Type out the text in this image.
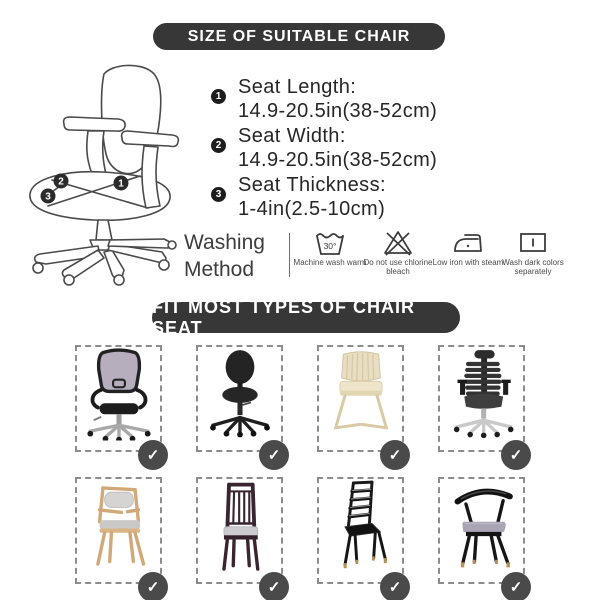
SIZE OF SUITABLE CHAIR
1
2
3
1 Seat Length:
14.9-20.5in(38-52cm)
2 Seat Width:
14.9-20.5in(38-52cm)
3 Seat Thickness:
1-4in(2.5-10cm)
Washing Method
30°
Machine wash warm
Do not use chlorine bleach
Low iron with steam
Wash dark colors separately
FIT MOST TYPES OF CHAIR SEAT
✓	✓	✓	✓
✓	✓	✓	✓
